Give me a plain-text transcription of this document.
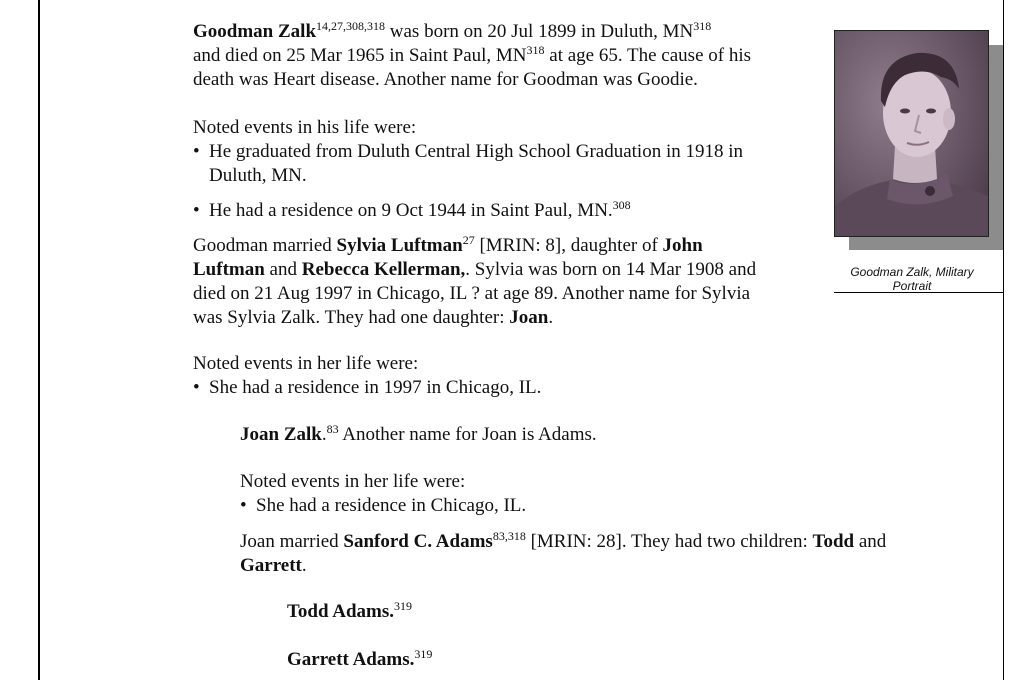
Goodman Zalk$^{14,27,308,318}$ was born on 20 Jul 1899 in Duluth, MN$^{318}$
and died on 25 Mar 1965 in Saint Paul, MN$^{318}$ at age 65. The cause of his
death was Heart disease. Another name for Goodman was Goodie.
Noted events in his life were:
• He graduated from Duluth Central High School Graduation in 1918 in
Duluth, MN.
• He had a residence on 9 Oct 1944 in Saint Paul, MN.$^{308}$
Goodman married Sylvia Luftman$^{27}$ [MRIN: 8], daughter of John
Luftman and Rebecca Kellerman,. Sylvia was born on 14 Mar 1908 and
died on 21 Aug 1997 in Chicago, IL ? at age 89. Another name for Sylvia
was Sylvia Zalk. They had one daughter: Joan.
Noted events in her life were:
• She had a residence in 1997 in Chicago, IL.
Joan Zalk.$^{83}$ Another name for Joan is Adams.
Noted events in her life were:
• She had a residence in Chicago, IL.
Joan married Sanford C. Adams$^{83,318}$ [MRIN: 28]. They had two children: Todd and
Garrett.
Todd Adams.$^{319}$
Garrett Adams.$^{319}$
Goodman Zalk, Military
Portrait
